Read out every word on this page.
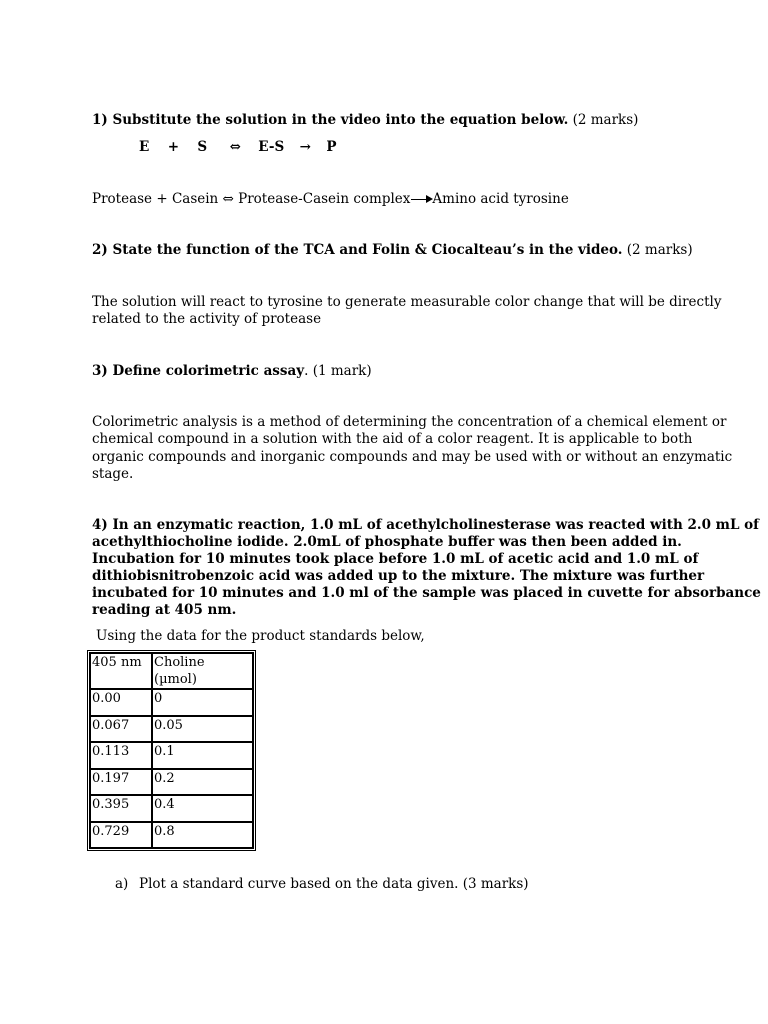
1) Substitute the solution in the video into the equation below. (2 marks)
E + S ⇔ E-S → P
Protease + Casein ⇔ Protease-Casein complex Amino acid tyrosine
2) State the function of the TCA and Folin & Ciocalteau’s in the video. (2 marks)
The solution will react to tyrosine to generate measurable color change that will be directly
related to the activity of protease
3) Define colorimetric assay. (1 mark)
Colorimetric analysis is a method of determining the concentration of a chemical element or
chemical compound in a solution with the aid of a color reagent. It is applicable to both
organic compounds and inorganic compounds and may be used with or without an enzymatic
stage.
4) In an enzymatic reaction, 1.0 mL of acethylcholinesterase was reacted with 2.0 mL of
acethylthiocholine iodide. 2.0mL of phosphate buffer was then been added in.
Incubation for 10 minutes took place before 1.0 mL of acetic acid and 1.0 mL of
dithiobisnitrobenzoic acid was added up to the mixture. The mixture was further
incubated for 10 minutes and 1.0 ml of the sample was placed in cuvette for absorbance
reading at 405 nm.
Using the data for the product standards below,
405 nm	Choline (µmol)
0.00	0
0.067	0.05
0.113	0.1
0.197	0.2
0.395	0.4
0.729	0.8
a) Plot a standard curve based on the data given. (3 marks)
